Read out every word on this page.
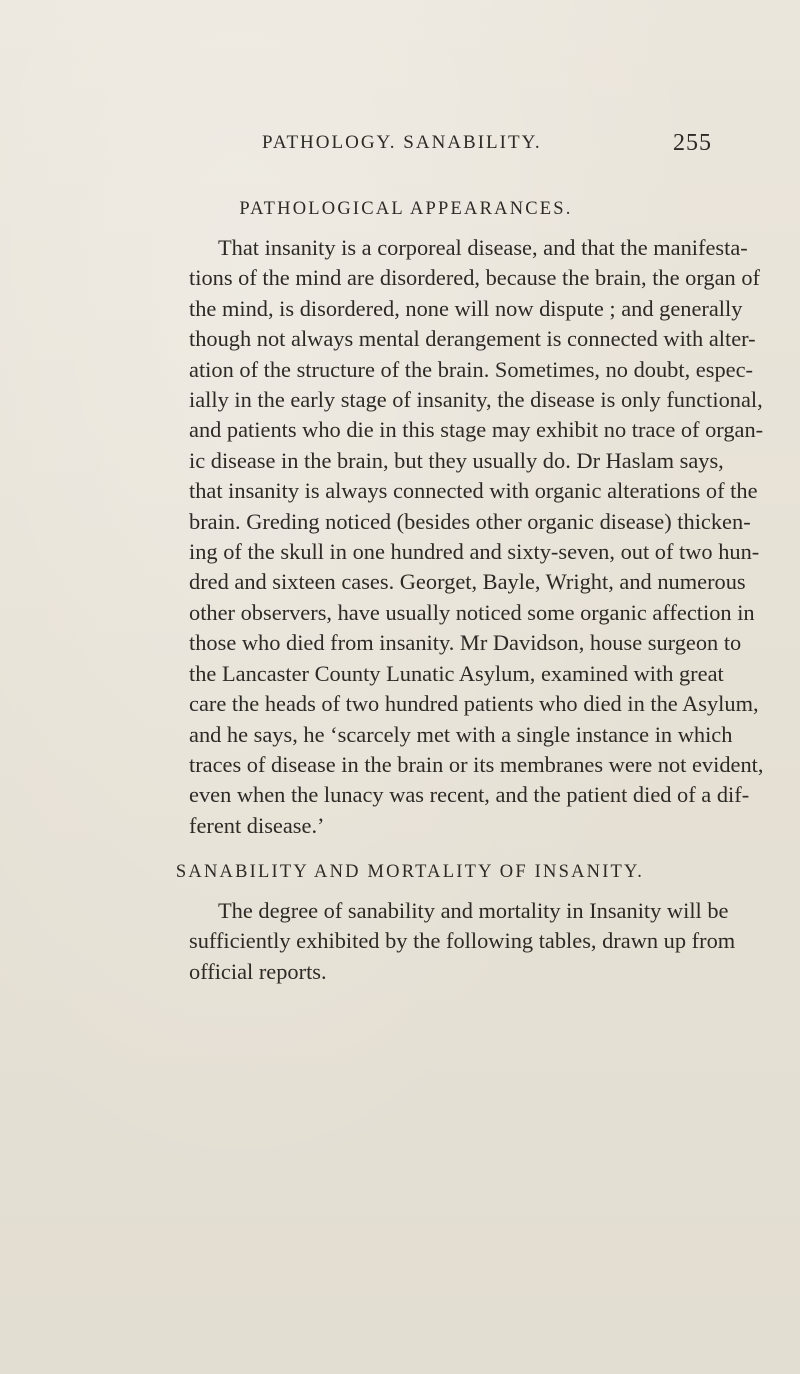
PATHOLOGY. SANABILITY.	255
PATHOLOGICAL APPEARANCES.
That insanity is a corporeal disease, and that the manifesta-
tions of the mind are disordered, because the brain, the organ of
the mind, is disordered, none will now dispute ; and generally
though not always mental derangement is connected with alter-
ation of the structure of the brain. Sometimes, no doubt, espec-
ially in the early stage of insanity, the disease is only functional,
and patients who die in this stage may exhibit no trace of organ-
ic disease in the brain, but they usually do. Dr Haslam says,
that insanity is always connected with organic alterations of the
brain. Greding noticed (besides other organic disease) thicken-
ing of the skull in one hundred and sixty-seven, out of two hun-
dred and sixteen cases. Georget, Bayle, Wright, and numerous
other observers, have usually noticed some organic affection in
those who died from insanity. Mr Davidson, house surgeon to
the Lancaster County Lunatic Asylum, examined with great
care the heads of two hundred patients who died in the Asylum,
and he says, he ‘scarcely met with a single instance in which
traces of disease in the brain or its membranes were not evident,
even when the lunacy was recent, and the patient died of a dif-
ferent disease.’
SANABILITY AND MORTALITY OF INSANITY.
The degree of sanability and mortality in Insanity will be
sufficiently exhibited by the following tables, drawn up from
official reports.
